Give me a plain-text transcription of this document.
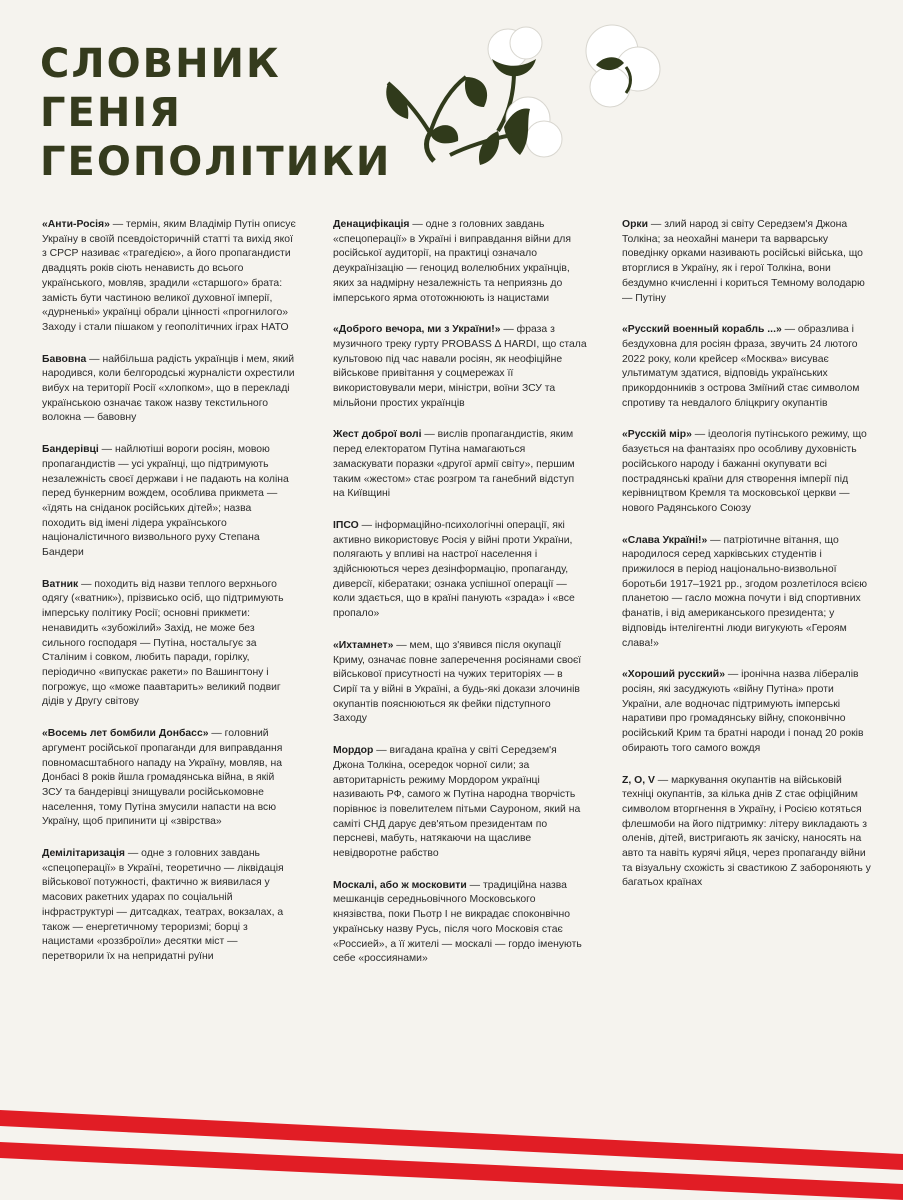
СЛОВНИК
ГЕНІЯ
ГЕОПОЛІТИКИ

«Анти-Росія» — термін, яким Владімір Путін описує Україну в своїй псевдоісторичній статті та вихід якої з СРСР називає «трагедією», а його пропагандисти двадцять років сіють ненависть до всього українського, мовляв, зрадили «старшого» брата: замість бути частиною великої духовної імперії, «дурненькі» українці обрали цінності «прогнилого» Заходу і стали пішаком у геополітичних іграх НАТО

Бавовна — найбільша радість українців і мем, який народився, коли белгородські журналісти охрестили вибух на території Росії «хлопком», що в перекладі українською означає також назву текстильного волокна — бавовну

Бандерівці — найлютіші вороги росіян, мовою пропагандистів — усі українці, що підтримують незалежність своєї держави і не падають на коліна перед бункерним вождем, особлива прикмета — «їдять на сніданок російських дітей»; назва походить від імені лідера українського націоналістичного визвольного руху Степана Бандери

Ватник — походить від назви теплого верхнього одягу («ватник»), прізвисько осіб, що підтримують імперську політику Росії; основні прикмети: ненавидить «зубожілий» Захід, не може без сильного господаря — Путіна, ностальгує за Сталіним і совком, любить паради, горілку, періодично «випускає ракети» по Вашингтону і погрожує, що «може паавтарить» великий подвиг дідів у Другу світову

«Восемь лет бомбили Донбасс» — головний аргумент російської пропаганди для виправдання повномасштабного нападу на Україну, мовляв, на Донбасі 8 років йшла громадянська війна, в якій ЗСУ та бандерівці знищували російськомовне населення, тому Путіна змусили напасти на всю Україну, щоб припинити ці «звірства»

Демілітаризація — одне з головних завдань «спецоперації» в Україні, теоретично — ліквідація військової потужності, фактично ж виявилася у масових ракетних ударах по соціальній інфраструктурі — дитсадках, театрах, вокзалах, а також — енергетичному тероризмі; борці з нацистами «роззброїли» десятки міст — перетворили їх на непридатні руїни

Денацифікація — одне з головних завдань «спецоперації» в Україні і виправдання війни для російської аудиторії, на практиці означало деукраїнізацію — геноцид волелюбних українців, яких за надмірну незалежність та неприязнь до імперського ярма ототожнюють із нацистами

«Доброго вечора, ми з України!» — фраза з музичного треку гурту PROBASS ∆ HARDI, що стала культовою під час навали росіян, як неофіційне військове привітання у соцмережах її використовували мери, міністри, воїни ЗСУ та мільйони простих українців

Жест доброї волі — вислів пропагандистів, яким перед електоратом Путіна намагаються замаскувати поразки «другої армії світу», першим таким «жестом» стає розгром та ганебний відступ на Київщині

ІПСО — інформаційно-психологічні операції, які активно використовує Росія у війні проти України, полягають у впливі на настрої населення і здійснюються через дезінформацію, пропаганду, диверсії, кібератаки; ознака успішної операції — коли здається, що в країні панують «зрада» і «все пропало»

«Ихтамнет» — мем, що з'явився після окупації Криму, означає повне заперечення росіянами своєї військової присутності на чужих територіях — в Сирії та у війні в Україні, а будь-які докази злочинів окупантів пояснюються як фейки підступного Заходу

Мордор — вигадана країна у світі Середзем'я Джона Толкіна, осередок чорної сили; за авторитарність режиму Мордором українці називають РФ, самого ж Путіна народна творчість порівнює із повелителем пітьми Сауроном, який на саміті СНД дарує дев'ятьом президентам по персневі, мабуть, натякаючи на щасливе невідворотне рабство

Москалі, або ж московити — традиційна назва мешканців середньовічного Московського князівства, поки Пьотр I не викрадає споконвічно українську назву Русь, після чого Московія стає «Россией», а її жителі — москалі — гордо іменують себе «россиянами»

Орки — злий народ зі світу Середзем'я Джона Толкіна; за неохайні манери та варварську поведінку орками називають російські війська, що вторглися в Україну, як і герої Толкіна, вони бездумно кчисленні і кориться Темному володарю — Путіну

«Русский военный корабль ...» — образлива і бездуховна для росіян фраза, звучить 24 лютого 2022 року, коли крейсер «Москва» висуває ультиматум здатися, відповідь українських прикордонників з острова Зміїний стає символом спротиву та невдалого бліцкригу окупантів

«Русскій мір» — ідеологія путінського режиму, що базується на фантазіях про особливу духовність російського народу і бажанні окупувати всі пострадянські країни для створення імперії під керівництвом Кремля та московської церкви — нового Радянського Союзу

«Слава Україні!» — патріотичне вітання, що народилося серед харківських студентів і прижилося в період національно-визвольної боротьби 1917–1921 рр., згодом розлетілося всією планетою — гасло можна почути і від спортивних фанатів, і від американського президента; у відповідь інтелігентні люди вигукують «Героям слава!»

«Хороший русский» — іронічна назва лібералів росіян, які засуджують «війну Путіна» проти України, але водночас підтримують імперські наративи про громадянську війну, споконвічно російський Крим та братні народи і понад 20 років обирають того самого вождя

Z, O, V — маркування окупантів на військовій техніці окупантів, за кілька днів Z стає офіційним символом вторгнення в Україну, і Росією котяться флешмоби на його підтримку: літеру викладають з оленів, дітей, вистригають як зачіску, наносять на авто та навіть курячі яйця, через пропаганду війни та візуальну схожість зі свастикою Z забороняють у багатьох країнах
